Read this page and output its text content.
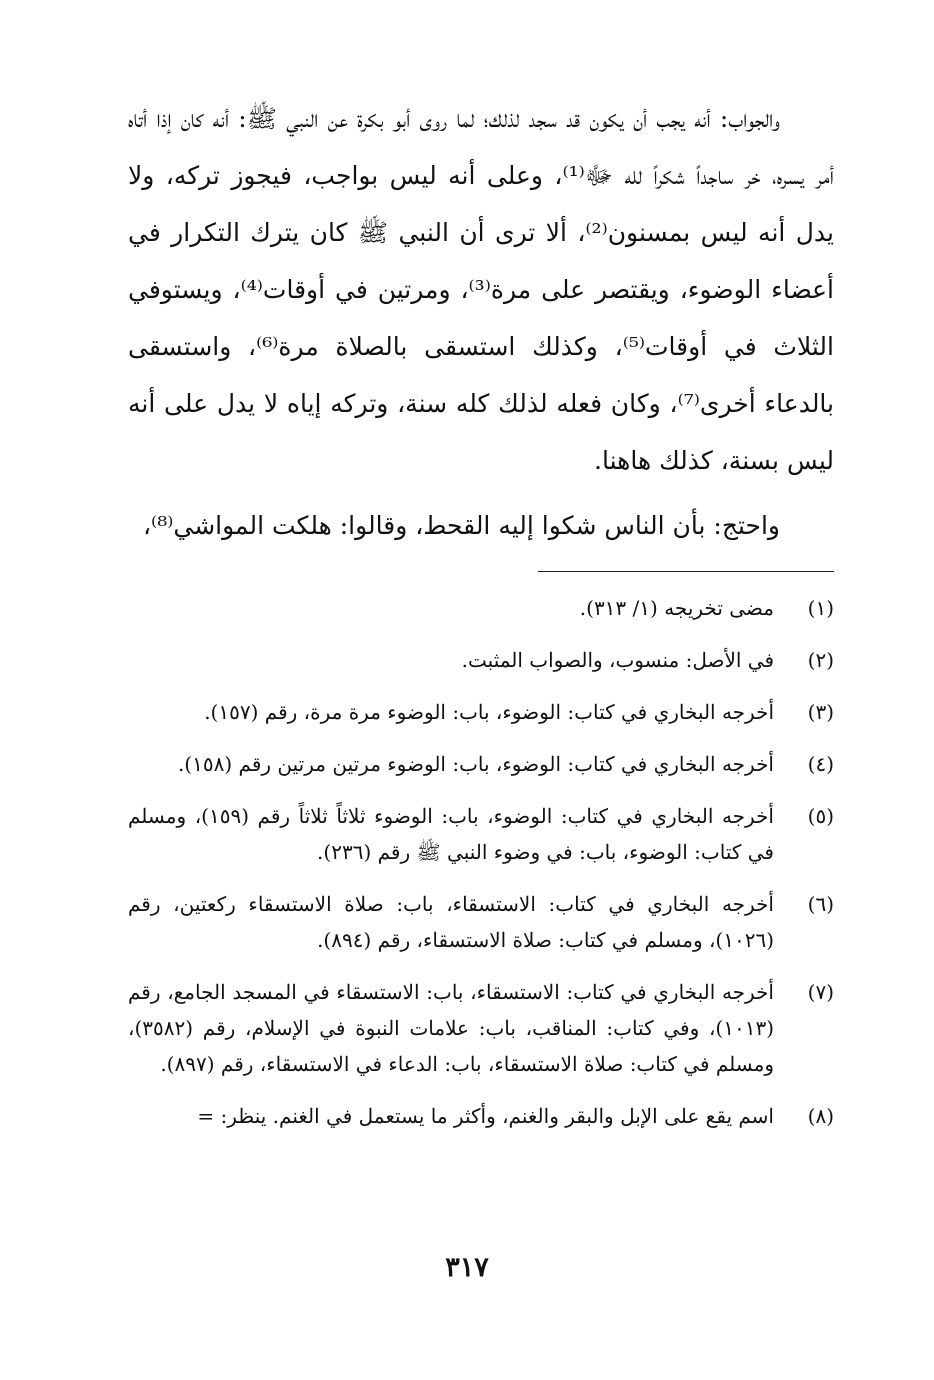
والجواب: أنه يجب أن يكون قد سجد لذلك؛ لما روى أبو بكرة عن النبي ﷺ: أنه كان إذا أتاه أمر يسره، خر ساجداً شكراً لله ﷻ⁽¹⁾، وعلى أنه ليس بواجب، فيجوز تركه، ولا يدل أنه ليس بمسنون⁽²⁾، ألا ترى أن النبي ﷺ كان يترك التكرار في أعضاء الوضوء، ويقتصر على مرة⁽³⁾، ومرتين في أوقات⁽⁴⁾، ويستوفي الثلاث في أوقات⁽⁵⁾، وكذلك استسقى بالصلاة مرة⁽⁶⁾، واستسقى بالدعاء أخرى⁽⁷⁾، وكان فعله لذلك كله سنة، وتركه إياه لا يدل على أنه ليس بسنة، كذلك هاهنا.

واحتج: بأن الناس شكوا إليه القحط، وقالوا: هلكت المواشي⁽⁸⁾،

(١)
مضى تخريجه (١/ ٣١٣).
(٢)
في الأصل: منسوب، والصواب المثبت.
(٣)
أخرجه البخاري في كتاب: الوضوء، باب: الوضوء مرة مرة، رقم (١٥٧).
(٤)
أخرجه البخاري في كتاب: الوضوء، باب: الوضوء مرتين مرتين رقم (١٥٨).
(٥)
أخرجه البخاري في كتاب: الوضوء، باب: الوضوء ثلاثاً ثلاثاً رقم (١٥٩)، ومسلم في كتاب: الوضوء، باب: في وضوء النبي ﷺ رقم (٢٣٦).
(٦)
أخرجه البخاري في كتاب: الاستسقاء، باب: صلاة الاستسقاء ركعتين، رقم (١٠٢٦)، ومسلم في كتاب: صلاة الاستسقاء، رقم (٨٩٤).
(٧)
أخرجه البخاري في كتاب: الاستسقاء، باب: الاستسقاء في المسجد الجامع، رقم (١٠١٣)، وفي كتاب: المناقب، باب: علامات النبوة في الإسلام، رقم (٣٥٨٢)، ومسلم في كتاب: صلاة الاستسقاء، باب: الدعاء في الاستسقاء، رقم (٨٩٧).
(٨)
اسم يقع على الإبل والبقر والغنم، وأكثر ما يستعمل في الغنم. ينظر: =
٣١٧
